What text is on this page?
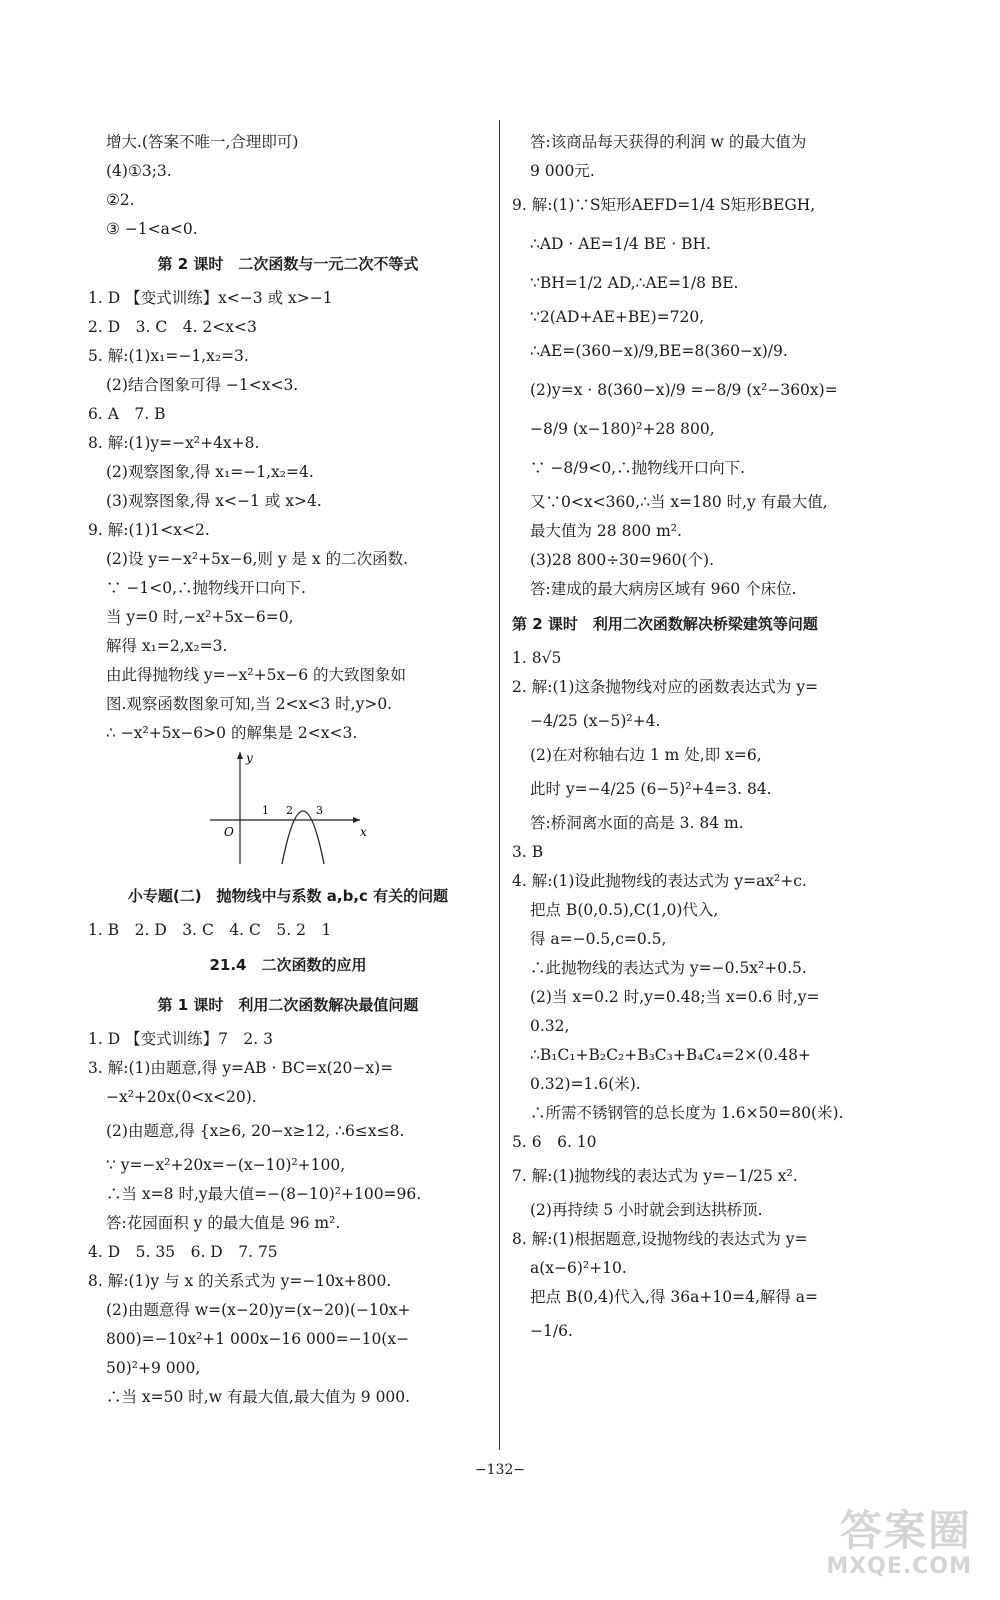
增大.(答案不唯一,合理即可)
(4)①3;3.
②2.
③ −1<a<0.
第 2 课时　二次函数与一元二次不等式
1. D 【变式训练】x<−3 或 x>−1
2. D　3. C　4. 2<x<3
5. 解:(1)x₁=−1,x₂=3.
(2)结合图象可得 −1<x<3.
6. A　7. B
8. 解:(1)y=−x²+4x+8.
(2)观察图象,得 x₁=−1,x₂=4.
(3)观察图象,得 x<−1 或 x>4.
9. 解:(1)1<x<2.
(2)设 y=−x²+5x−6,则 y 是 x 的二次函数.
∵ −1<0,∴抛物线开口向下.
当 y=0 时,−x²+5x−6=0,
解得 x₁=2,x₂=3.
由此得抛物线 y=−x²+5x−6 的大致图象如
图.观察函数图象可知,当 2<x<3 时,y>0.
∴ −x²+5x−6>0 的解集是 2<x<3.
y
x
O
1 2 3
小专题(二)　抛物线中与系数 a,b,c 有关的问题
1. B　2. D　3. C　4. C　5. 2　1
21.4　二次函数的应用
第 1 课时　利用二次函数解决最值问题
1. D 【变式训练】7　2. 3
3. 解:(1)由题意,得 y=AB · BC=x(20−x)=
−x²+20x(0<x<20).
(2)由题意,得 {x≥6, 20−x≥12, ∴6≤x≤8.
∵ y=−x²+20x=−(x−10)²+100,
∴当 x=8 时,y最大值=−(8−10)²+100=96.
答:花园面积 y 的最大值是 96 m².
4. D　5. 35　6. D　7. 75
8. 解:(1)y 与 x 的关系式为 y=−10x+800.
(2)由题意得 w=(x−20)y=(x−20)(−10x+
800)=−10x²+1 000x−16 000=−10(x−
50)²+9 000,
∴当 x=50 时,w 有最大值,最大值为 9 000.
答:该商品每天获得的利润 w 的最大值为
9 000元.
9. 解:(1)∵S矩形AEFD=1/4 S矩形BEGH,
∴AD · AE=1/4 BE · BH.
∵BH=1/2 AD,∴AE=1/8 BE.
∵2(AD+AE+BE)=720,
∴AE=(360−x)/9,BE=8(360−x)/9.
(2)y=x · 8(360−x)/9 =−8/9 (x²−360x)=
−8/9 (x−180)²+28 800,
∵ −8/9<0,∴抛物线开口向下.
又∵0<x<360,∴当 x=180 时,y 有最大值,
最大值为 28 800 m².
(3)28 800÷30=960(个).
答:建成的最大病房区域有 960 个床位.
第 2 课时　利用二次函数解决桥梁建筑等问题
1. 8√5
2. 解:(1)这条抛物线对应的函数表达式为 y=
−4/25 (x−5)²+4.
(2)在对称轴右边 1 m 处,即 x=6,
此时 y=−4/25 (6−5)²+4=3. 84.
答:桥洞离水面的高是 3. 84 m.
3. B
4. 解:(1)设此抛物线的表达式为 y=ax²+c.
把点 B(0,0.5),C(1,0)代入,
得 a=−0.5,c=0.5,
∴此抛物线的表达式为 y=−0.5x²+0.5.
(2)当 x=0.2 时,y=0.48;当 x=0.6 时,y=
0.32,
∴B₁C₁+B₂C₂+B₃C₃+B₄C₄=2×(0.48+
0.32)=1.6(米).
∴所需不锈钢管的总长度为 1.6×50=80(米).
5. 6　6. 10
7. 解:(1)抛物线的表达式为 y=−1/25 x².
(2)再持续 5 小时就会到达拱桥顶.
8. 解:(1)根据题意,设抛物线的表达式为 y=
a(x−6)²+10.
把点 B(0,4)代入,得 36a+10=4,解得 a=
−1/6.
−132−
答案圈
MXQE.COM
